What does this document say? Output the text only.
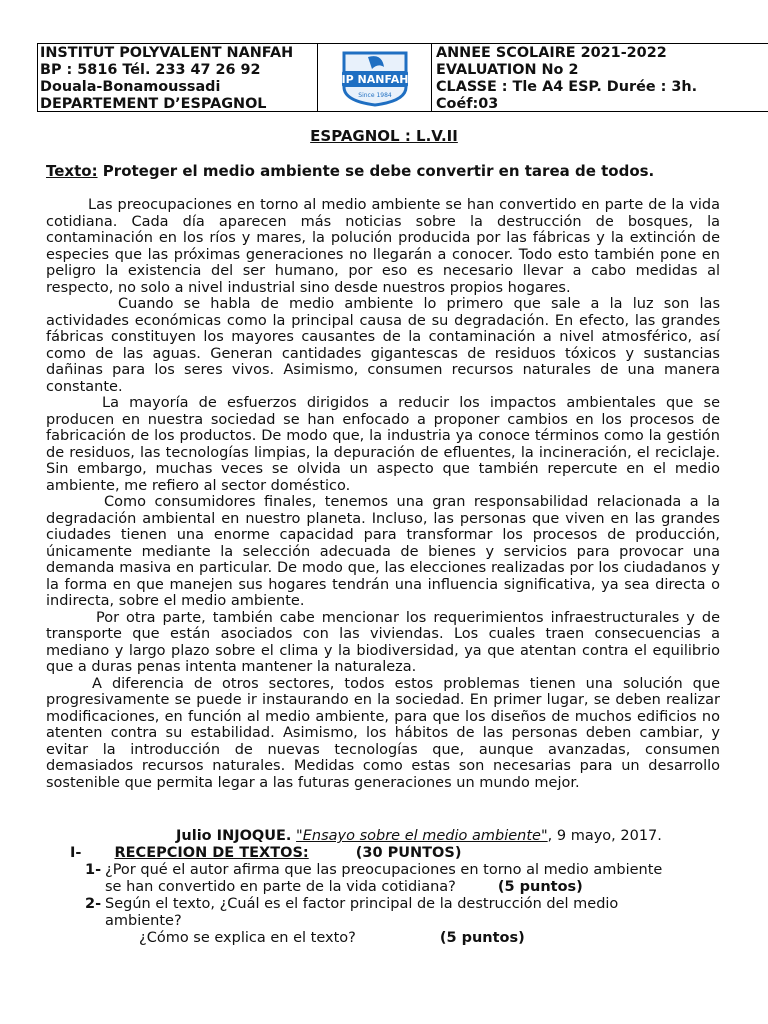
INSTITUT POLYVALENT NANFAH
BP : 5816 Tél. 233 47 26 92
Douala-Bonamoussadi
DEPARTEMENT D’ESPAGNOL
IP NANFAH
Since 1984
ANNEE SCOLAIRE 2021-2022
EVALUATION No 2
CLASSE : Tle A4 ESP. Durée : 3h.
Coéf:03
ESPAGNOL : L.V.II
Texto: Proteger el medio ambiente se debe convertir en tarea de todos.

Las preocupaciones en torno al medio ambiente se han convertido en parte de la vida cotidiana. Cada día aparecen más noticias sobre la destrucción de bosques, la contaminación en los ríos y mares, la polución producida por las fábricas y la extinción de especies que las próximas generaciones no llegarán a conocer. Todo esto también pone en peligro la existencia del ser humano, por eso es necesario llevar a cabo medidas al respecto, no solo a nivel industrial sino desde nuestros propios hogares.

Cuando se habla de medio ambiente lo primero que sale a la luz son las actividades económicas como la principal causa de su degradación. En efecto, las grandes fábricas constituyen los mayores causantes de la contaminación a nivel atmosférico, así como de las aguas. Generan cantidades gigantescas de residuos tóxicos y sustancias dañinas para los seres vivos. Asimismo, consumen recursos naturales de una manera constante.

La mayoría de esfuerzos dirigidos a reducir los impactos ambientales que se producen en nuestra sociedad se han enfocado a proponer cambios en los procesos de fabricación de los productos. De modo que, la industria ya conoce términos como la gestión de residuos, las tecnologías limpias, la depuración de efluentes, la incineración, el reciclaje. Sin embargo, muchas veces se olvida un aspecto que también repercute en el medio ambiente, me refiero al sector doméstico.

Como consumidores finales, tenemos una gran responsabilidad relacionada a la degradación ambiental en nuestro planeta. Incluso, las personas que viven en las grandes ciudades tienen una enorme capacidad para transformar los procesos de producción, únicamente mediante la selección adecuada de bienes y servicios para provocar una demanda masiva en particular. De modo que, las elecciones realizadas por los ciudadanos y la forma en que manejen sus hogares tendrán una influencia significativa, ya sea directa o indirecta, sobre el medio ambiente.

Por otra parte, también cabe mencionar los requerimientos infraestructurales y de transporte que están asociados con las viviendas. Los cuales traen consecuencias a mediano y largo plazo sobre el clima y la biodiversidad, ya que atentan contra el equilibrio que a duras penas intenta mantener la naturaleza.

A diferencia de otros sectores, todos estos problemas tienen una solución que progresivamente se puede ir instaurando en la sociedad. En primer lugar, se deben realizar modificaciones, en función al medio ambiente, para que los diseños de muchos edificios no atenten contra su estabilidad. Asimismo, los hábitos de las personas deben cambiar, y evitar la introducción de nuevas tecnologías que, aunque avanzadas, consumen demasiados recursos naturales. Medidas como estas son necesarias para un desarrollo sostenible que permita legar a las futuras generaciones un mundo mejor.

Julio INJOQUE. "Ensayo sobre el medio ambiente", 9 mayo, 2017.
I- RECEPCION DE TEXTOS:	(30 PUNTOS)
1- ¿Por qué el autor afirma que las preocupaciones en torno al medio ambiente
se han convertido en parte de la vida cotidiana?	(5 puntos)
2- Según el texto, ¿Cuál es el factor principal de la destrucción del medio
ambiente?
¿Cómo se explica en el texto?	(5 puntos)
